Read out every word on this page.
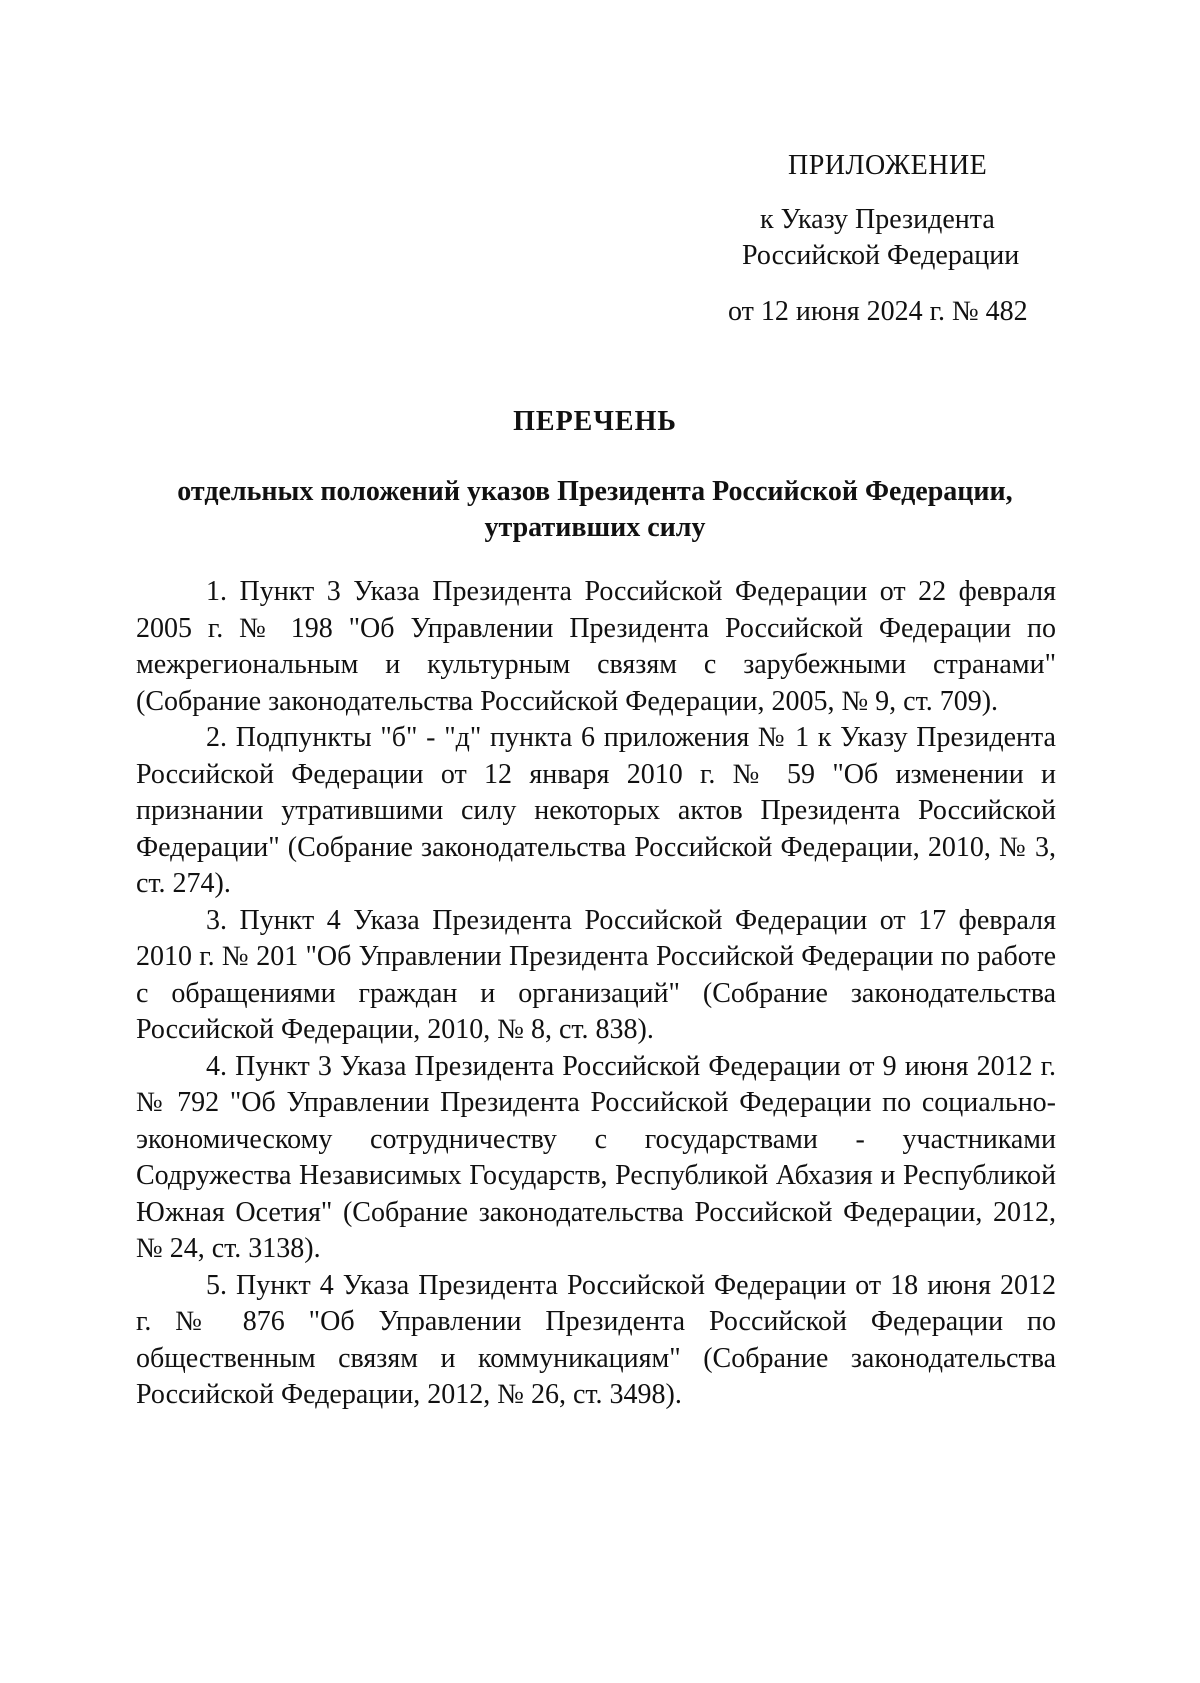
ПРИЛОЖЕНИЕ
к Указу Президента
Российской Федерации
от 12 июня 2024 г. № 482
ПЕРЕЧЕНЬ
отдельных положений указов Президента Российской Федерации,
утративших силу

1. Пункт 3 Указа Президента Российской Федерации от 22 февраля 2005 г. № 198 "Об Управлении Президента Российской Федерации по межрегиональным и культурным связям с зарубежными странами" (Собрание законодательства Российской Федерации, 2005, № 9, ст. 709).

2. Подпункты "б" - "д" пункта 6 приложения № 1 к Указу Президента Российской Федерации от 12 января 2010 г. № 59 "Об изменении и признании утратившими силу некоторых актов Президента Российской Федерации" (Собрание законодательства Российской Федерации, 2010, № 3, ст. 274).

3. Пункт 4 Указа Президента Российской Федерации от 17 февраля 2010 г. № 201 "Об Управлении Президента Российской Федерации по работе с обращениями граждан и организаций" (Собрание законодательства Российской Федерации, 2010, № 8, ст. 838).

4. Пункт 3 Указа Президента Российской Федерации от 9 июня 2012 г. № 792 "Об Управлении Президента Российской Федерации по социально-экономическому сотрудничеству с государствами - участниками Содружества Независимых Государств, Республикой Абхазия и Республикой Южная Осетия" (Собрание законодательства Российской Федерации, 2012, № 24, ст. 3138).

5. Пункт 4 Указа Президента Российской Федерации от 18 июня 2012 г. № 876 "Об Управлении Президента Российской Федерации по общественным связям и коммуникациям" (Собрание законодательства Российской Федерации, 2012, № 26, ст. 3498).
